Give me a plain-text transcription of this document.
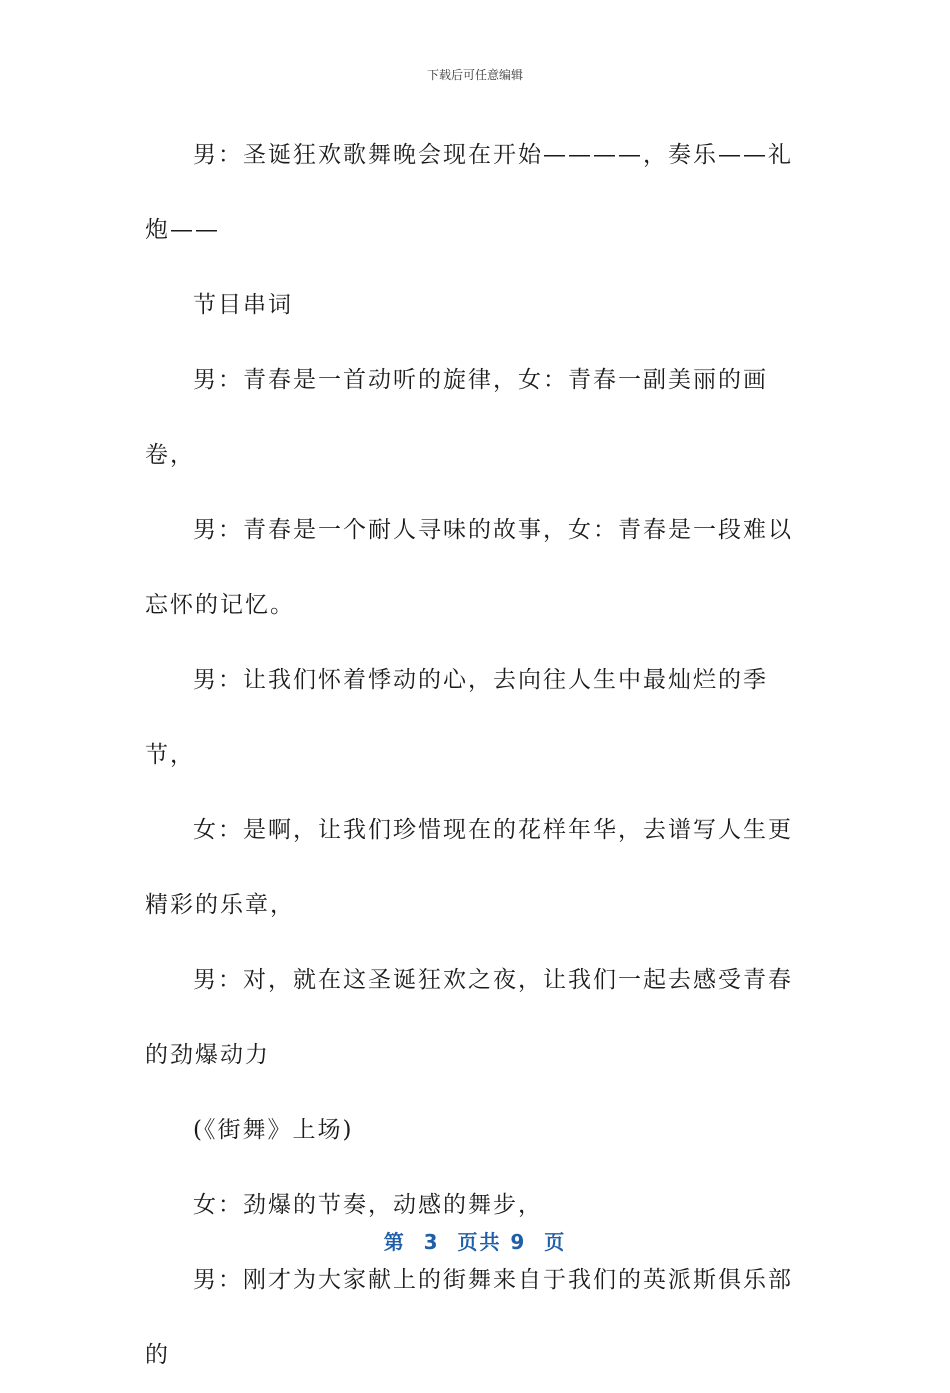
下载后可任意编辑

男：圣诞狂欢歌舞晚会现在开始————，奏乐——礼炮——

节目串词

男：青春是一首动听的旋律，女：青春一副美丽的画卷，

男：青春是一个耐人寻味的故事，女：青春是一段难以忘怀的记忆。

男：让我们怀着悸动的心，去向往人生中最灿烂的季节，

女：是啊，让我们珍惜现在的花样年华，去谱写人生更精彩的乐章，

男：对，就在这圣诞狂欢之夜，让我们一起去感受青春的劲爆动力

(《街舞》上场)

女：劲爆的节奏，动感的舞步，

男：刚才为大家献上的街舞来自于我们的英派斯俱乐部的

第  3  页共 9  页
